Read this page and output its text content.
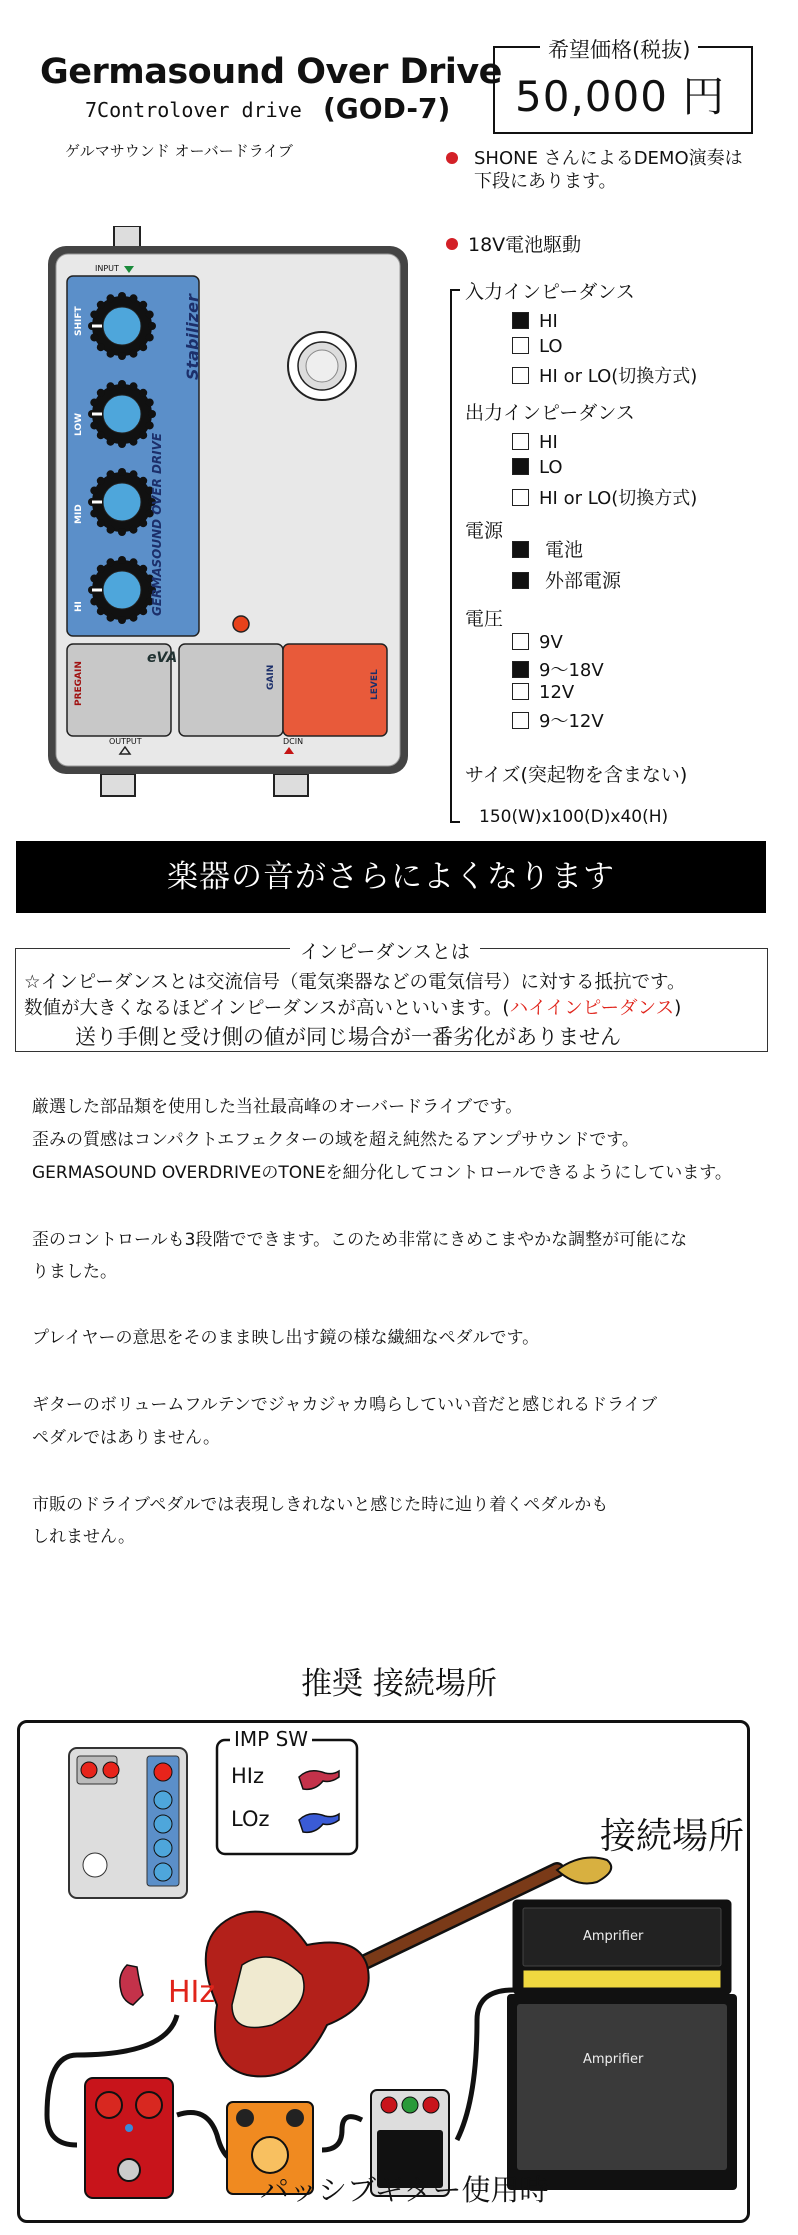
Germasound Over Drive
7Controlover drive (GOD-7)
ゲルマサウンド オーバードライブ
希望価格(税抜)
50,000 円
SHONE さんによるDEMO演奏は
下段にあります。
18V電池駆動
入力インピーダンス
HI
LO
HI or LO(切換方式)
出力インピーダンス
HI
LO
HI or LO(切換方式)
電源
電池
外部電源
電圧
9V
9〜18V
12V
9〜12V
サイズ(突起物を含まない)
150(W)x100(D)x40(H)
INPUT
OUTPUT	DCIN
eVA
GERMASOUND OVER DRIVE
Stabilizer
SHIFT
LOW
MID
HI
PREGAIN	GAIN	LEVEL
楽器の音がさらによくなります
インピーダンスとは
☆インピーダンスとは交流信号（電気楽器などの電気信号）に対する抵抗です。
数値が大きくなるほどインピーダンスが高いといいます。(ハイインピーダンス)
送り手側と受け側の値が同じ場合が一番劣化がありません
厳選した部品類を使用した当社最高峰のオーバードライブです。
歪みの質感はコンパクトエフェクターの域を超え純然たるアンプサウンドです。
GERMASOUND OVERDRIVEのTONEを細分化してコントロールできるようにしています。
歪のコントロールも3段階でできます。このため非常にきめこまやかな調整が可能にな
りました。
プレイヤーの意思をそのまま映し出す鏡の様な繊細なペダルです。
ギターのボリュームフルテンでジャカジャカ鳴らしていい音だと感じれるドライブ
ペダルではありません。
市販のドライブペダルでは表現しきれないと感じた時に辿り着くペダルかも
しれません。
推奨 接続場所
IMP SW
HIz
LOz	接続場所
Amprifier
Amprifier
HIz
パッシブギター使用時
